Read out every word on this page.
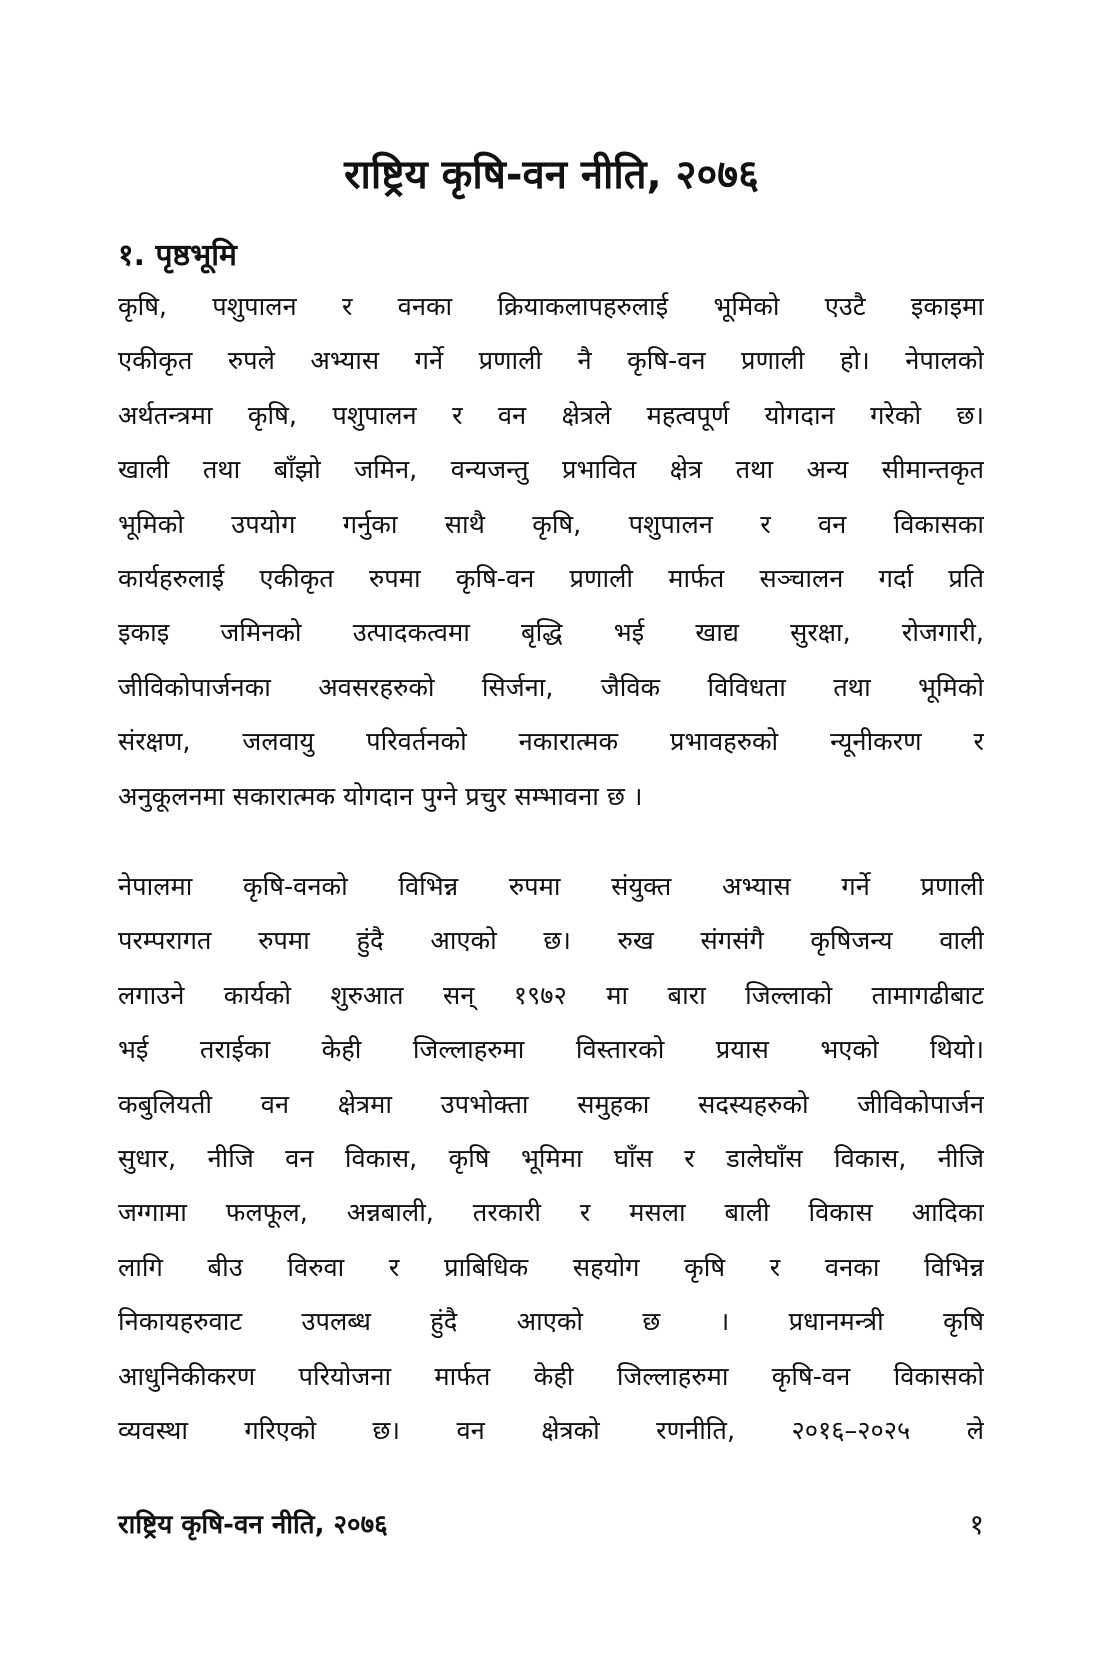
राष्ट्रिय कृषि-वन नीति, २०७६
१. पृष्ठभूमि
कृषि, पशुपालन र वनका क्रियाकलापहरुलाई भूमिको एउटै इकाइमा
एकीकृत रुपले अभ्यास गर्ने प्रणाली नै कृषि-वन प्रणाली हो। नेपालको
अर्थतन्त्रमा कृषि, पशुपालन र वन क्षेत्रले महत्वपूर्ण योगदान गरेको छ।
खाली तथा बाँझो जमिन, वन्यजन्तु प्रभावित क्षेत्र तथा अन्य सीमान्तकृत
भूमिको उपयोग गर्नुका साथै कृषि, पशुपालन र वन विकासका
कार्यहरुलाई एकीकृत रुपमा कृषि-वन प्रणाली मार्फत सञ्चालन गर्दा प्रति
इकाइ जमिनको उत्पादकत्वमा बृद्धि भई खाद्य सुरक्षा, रोजगारी,
जीविकोपार्जनका अवसरहरुको सिर्जना, जैविक विविधता तथा भूमिको
संरक्षण, जलवायु परिवर्तनको नकारात्मक प्रभावहरुको न्यूनीकरण र
अनुकूलनमा सकारात्मक योगदान पुग्ने प्रचुर सम्भावना छ ।
नेपालमा कृषि-वनको विभिन्न रुपमा संयुक्त अभ्यास गर्ने प्रणाली
परम्परागत रुपमा हुंदै आएको छ। रुख संगसंगै कृषिजन्य वाली
लगाउने कार्यको शुरुआत सन् १९७२ मा बारा जिल्लाको तामागढीबाट
भई तराईका केही जिल्लाहरुमा विस्तारको प्रयास भएको थियो।
कबुलियती वन क्षेत्रमा उपभोक्ता समुहका सदस्यहरुको जीविकोपार्जन
सुधार, नीजि वन विकास, कृषि भूमिमा घाँस र डालेघाँस विकास, नीजि
जग्गामा फलफूल, अन्नबाली, तरकारी र मसला बाली विकास आदिका
लागि बीउ विरुवा र प्राबिधिक सहयोग कृषि र वनका विभिन्न
निकायहरुवाट उपलब्ध हुंदै आएको छ । प्रधानमन्त्री कृषि
आधुनिकीकरण परियोजना मार्फत केही जिल्लाहरुमा कृषि-वन विकासको
व्यवस्था गरिएको छ। वन क्षेत्रको रणनीति, २०१६–२०२५ ले
राष्ट्रिय कृषि-वन नीति, २०७६	१
